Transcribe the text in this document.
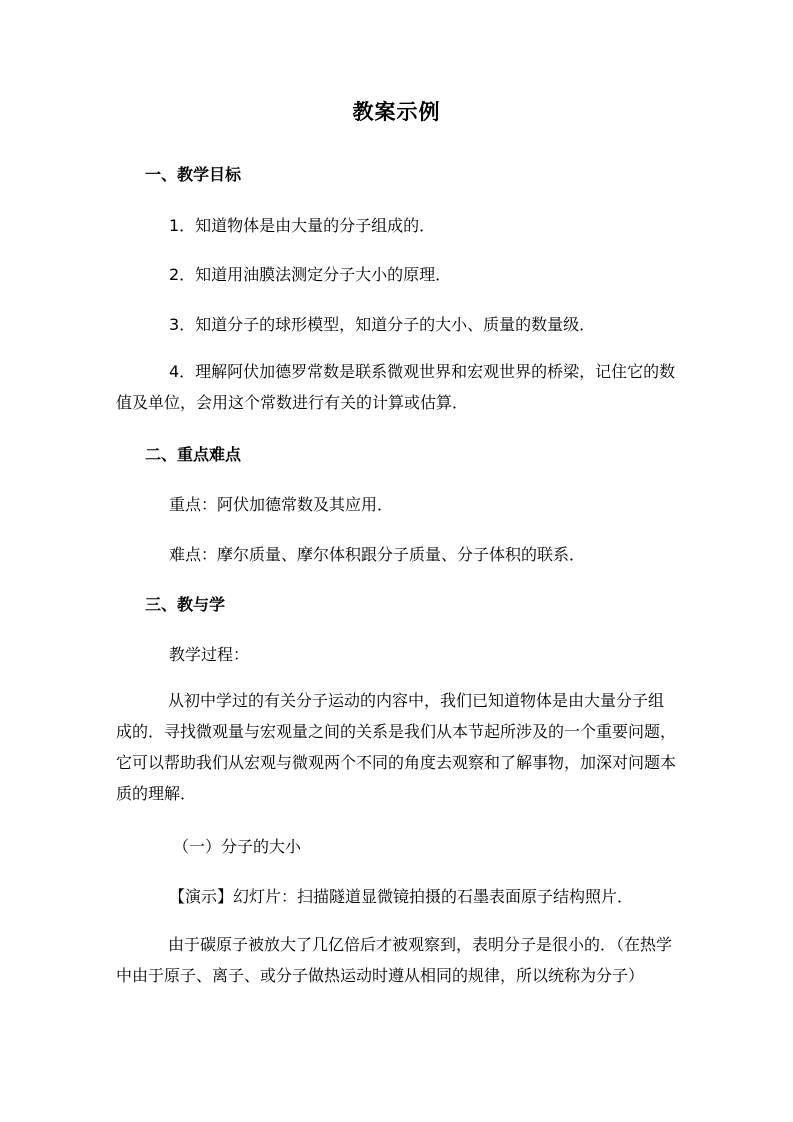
教案示例
一、教学目标
1．知道物体是由大量的分子组成的．
2．知道用油膜法测定分子大小的原理．
3．知道分子的球形模型，知道分子的大小、质量的数量级．
4．理解阿伏加德罗常数是联系微观世界和宏观世界的桥梁，记住它的数值及单位，会用这个常数进行有关的计算或估算．
二、重点难点
重点：阿伏加德常数及其应用．
难点：摩尔质量、摩尔体积跟分子质量、分子体积的联系．
三、教与学
教学过程：
从初中学过的有关分子运动的内容中，我们已知道物体是由大量分子组成的．寻找微观量与宏观量之间的关系是我们从本节起所涉及的一个重要问题，它可以帮助我们从宏观与微观两个不同的角度去观察和了解事物，加深对问题本质的理解．
（一）分子的大小
【演示】幻灯片：扫描隧道显微镜拍摄的石墨表面原子结构照片．
由于碳原子被放大了几亿倍后才被观察到，表明分子是很小的．（在热学中由于原子、离子、或分子做热运动时遵从相同的规律，所以统称为分子）
